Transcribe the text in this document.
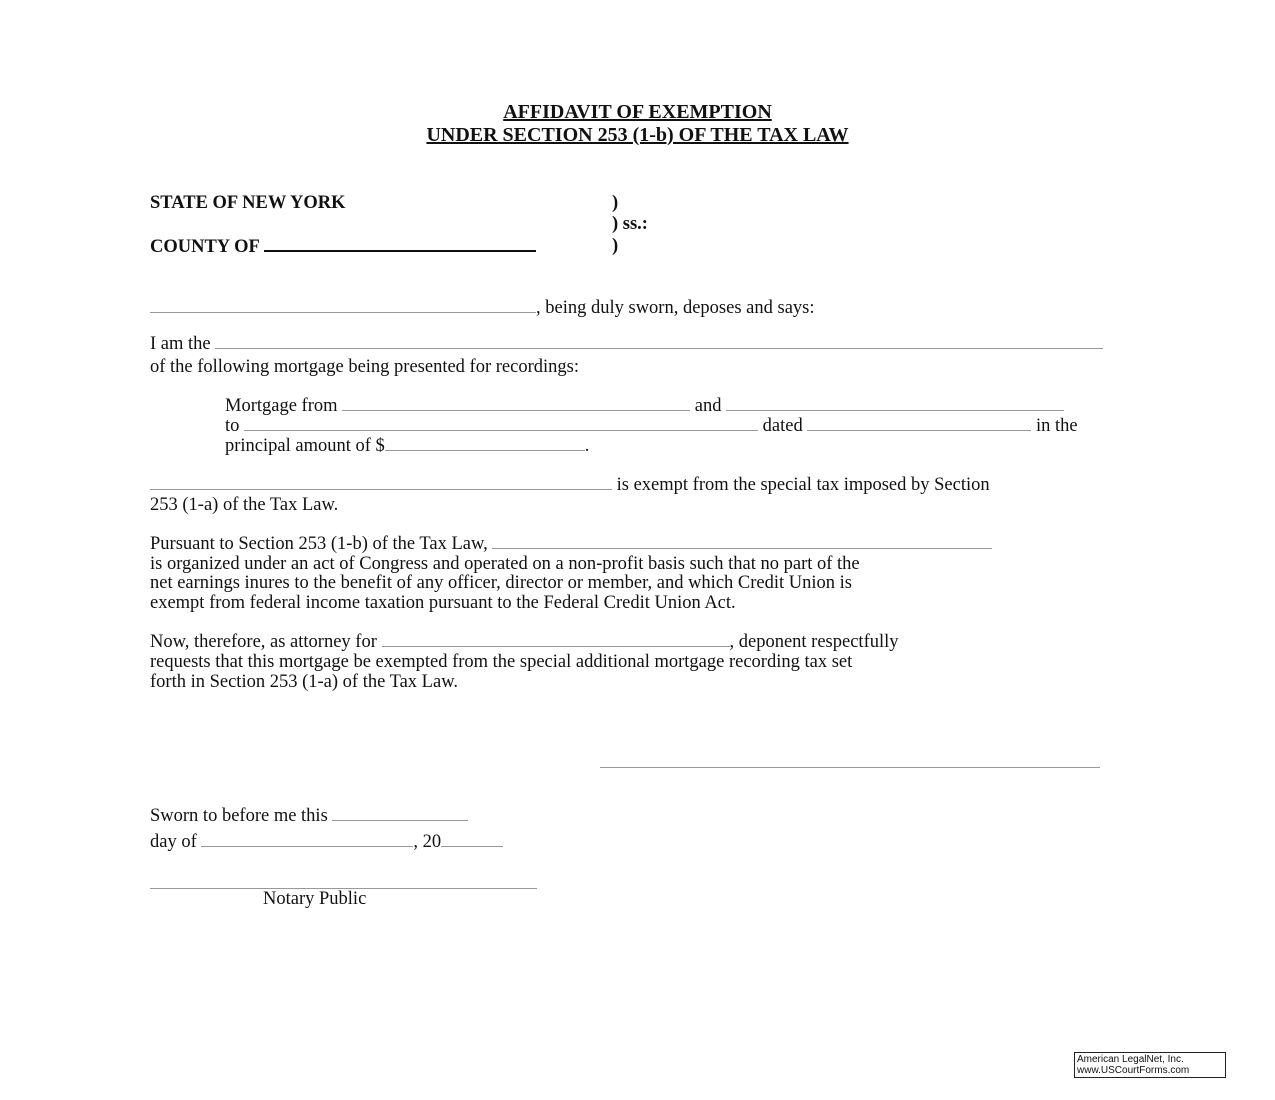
AFFIDAVIT OF EXEMPTION
UNDER SECTION 253 (1-b) OF THE TAX LAW
STATE OF NEW YORK
COUNTY OF
)
) ss.:
)
, being duly sworn, deposes and says:
I am the
of the following mortgage being presented for recordings:
Mortgage from	and
to	dated	in the
principal amount of $	.
is exempt from the special tax imposed by Section
253 (1-a) of the Tax Law.
Pursuant to Section 253 (1-b) of the Tax Law,
is organized under an act of Congress and operated on a non-profit basis such that no part of the
net earnings inures to the benefit of any officer, director or member, and which Credit Union is
exempt from federal income taxation pursuant to the Federal Credit Union Act.
Now, therefore, as attorney for	, deponent respectfully
requests that this mortgage be exempted from the special additional mortgage recording tax set
forth in Section 253 (1-a) of the Tax Law.
Sworn to before me this
day of	, 20
Notary Public
American LegalNet, Inc.
www.USCourtForms.com
